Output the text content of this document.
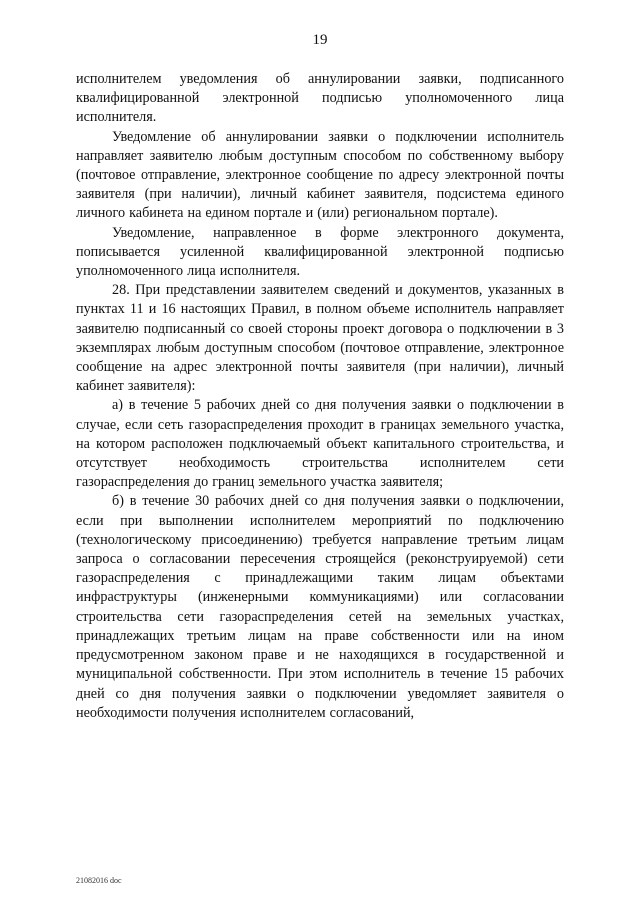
19

исполнителем уведомления об аннулировании заявки, подписанного квалифицированной электронной подписью уполномоченного лица исполнителя.

Уведомление об аннулировании заявки о подключении исполнитель направляет заявителю любым доступным способом по собственному выбору (почтовое отправление, электронное сообщение по адресу электронной почты заявителя (при наличии), личный кабинет заявителя, подсистема единого личного кабинета на едином портале и (или) региональном портале).

Уведомление, направленное в форме электронного документа, пописывается усиленной квалифицированной электронной подписью уполномоченного лица исполнителя.

28. При представлении заявителем сведений и документов, указанных в пунктах 11 и 16 настоящих Правил, в полном объеме исполнитель направляет заявителю подписанный со своей стороны проект договора о подключении в 3 экземплярах любым доступным способом (почтовое отправление, электронное сообщение на адрес электронной почты заявителя (при наличии), личный кабинет заявителя):

а) в течение 5 рабочих дней со дня получения заявки о подключении в случае, если сеть газораспределения проходит в границах земельного участка, на котором расположен подключаемый объект капитального строительства, и отсутствует необходимость строительства исполнителем сети газораспределения до границ земельного участка заявителя;

б) в течение 30 рабочих дней со дня получения заявки о подключении, если при выполнении исполнителем мероприятий по подключению (технологическому присоединению) требуется направление третьим лицам запроса о согласовании пересечения строящейся (реконструируемой) сети газораспределения с принадлежащими таким лицам объектами инфраструктуры (инженерными коммуникациями) или согласовании строительства сети газораспределения сетей на земельных участках, принадлежащих третьим лицам на праве собственности или на ином предусмотренном законом праве и не находящихся в государственной и муниципальной собственности. При этом исполнитель в течение 15 рабочих дней со дня получения заявки о подключении уведомляет заявителя о необходимости получения исполнителем согласований,

21082016 doc
